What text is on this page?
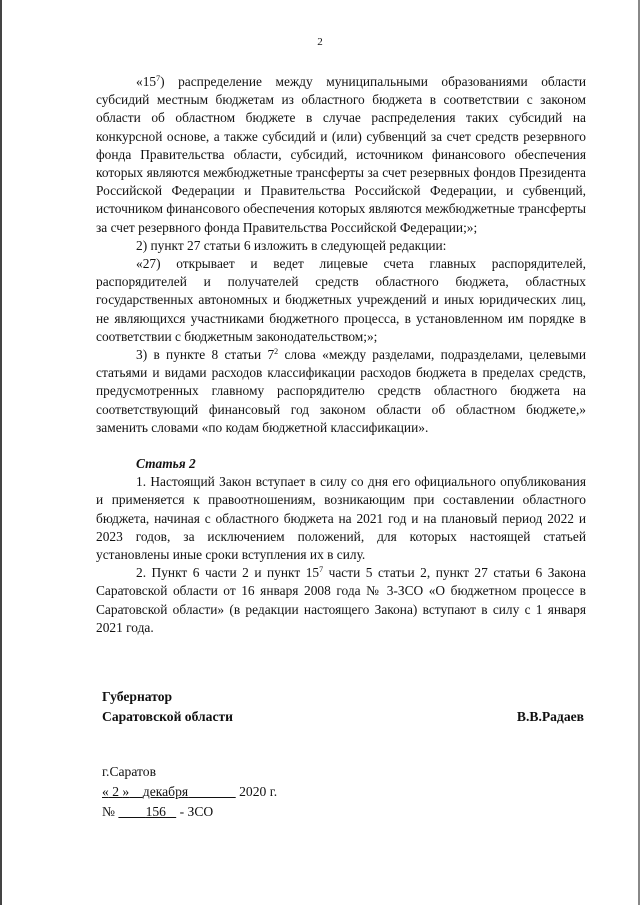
2

«$15^7$) распределение между муниципальными образованиями области субсидий местным бюджетам из областного бюджета в соответствии с законом области об областном бюджете в случае распределения таких субсидий на конкурсной основе, а также субсидий и (или) субвенций за счет средств резервного фонда Правительства области, субсидий, источником финансового обеспечения которых являются межбюджетные трансферты за счет резервных фондов Президента Российской Федерации и Правительства Российской Федерации, и субвенций, источником финансового обеспечения которых являются межбюджетные трансферты за счет резервного фонда Правительства Российской Федерации;»;

2) пункт 27 статьи 6 изложить в следующей редакции:

«27) открывает и ведет лицевые счета главных распорядителей, распорядителей и получателей средств областного бюджета, областных государственных автономных и бюджетных учреждений и иных юридических лиц, не являющихся участниками бюджетного процесса, в установленном им порядке в соответствии с бюджетным законодательством;»;

3) в пункте 8 статьи $7^2$ слова «между разделами, подразделами, целевыми статьями и видами расходов классификации расходов бюджета в пределах средств, предусмотренных главному распорядителю средств областного бюджета на соответствующий финансовый год законом области об областном бюджете,» заменить словами «по кодам бюджетной классификации».

Статья 2

1. Настоящий Закон вступает в силу со дня его официального опубликования и применяется к правоотношениям, возникающим при составлении областного бюджета, начиная с областного бюджета на 2021 год и на плановый период 2022 и 2023 годов, за исключением положений, для которых настоящей статьей установлены иные сроки вступления их в силу.

2. Пункт 6 части 2 и пункт $15^7$ части 5 статьи 2, пункт 27 статьи 6 Закона Саратовской области от 16 января 2008 года № 3-ЗСО «О бюджетном процессе в Саратовской области» (в редакции настоящего Закона) вступают в силу с 1 января 2021 года.

Губернатор
Саратовской области	В.В.Радаев
г.Саратов
« 2 » декабря	2020 г.
№ 156 - ЗСО
